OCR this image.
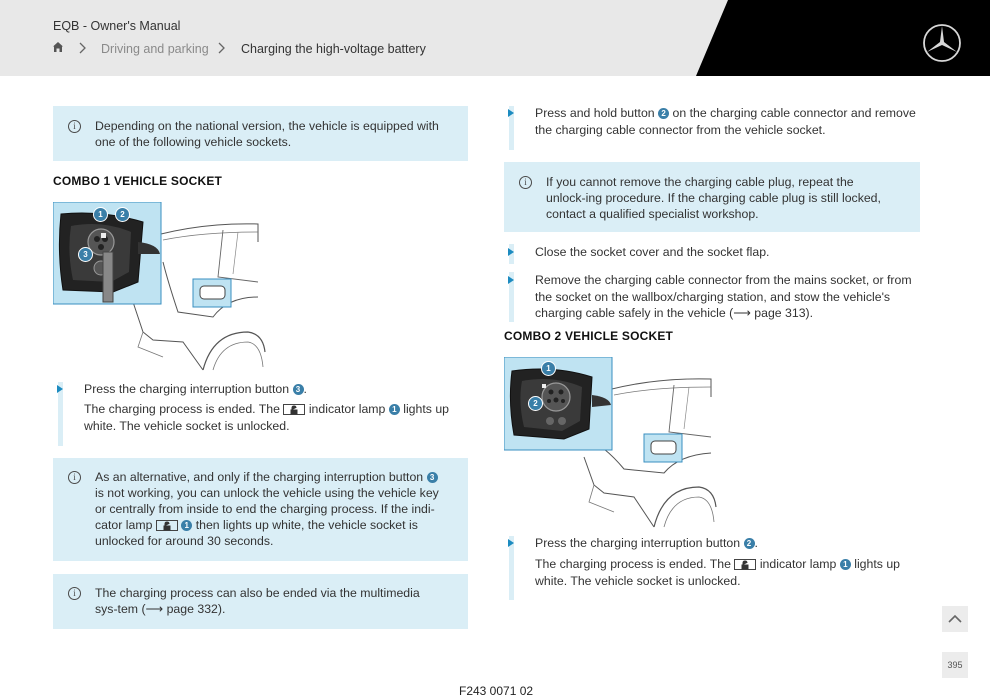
EQB - Owner's Manual
Driving and parking	Charging the high-voltage battery
i	Depending on the national version, the vehicle is equipped with one of the following vehicle sockets.
COMBO 1 VEHICLE SOCKET
1	2
3
Press the charging interruption button 3 .
The charging process is ended. The indicator lamp 1 lights up white. The vehicle socket is unlocked.
i	As an alternative, and only if the charging interruption button 3 is not working, you can unlock the vehicle using the vehicle key or centrally from inside to end the charging process. If the indi-cator lamp	1 then lights up white, the vehicle socket is unlocked for around 30 seconds.
i	The charging process can also be ended via the multimedia sys-tem (⟶ page 332).
Press and hold button 2 on the charging cable connector and remove the charging cable connector from the vehicle socket.
i	If you cannot remove the charging cable plug, repeat the unlock-ing procedure. If the charging cable plug is still locked, contact a qualified specialist workshop.
Close the socket cover and the socket flap.
Remove the charging cable connector from the mains socket, or from the socket on the wallbox/charging station, and stow the vehicle's charging cable safely in the vehicle (⟶ page 313).
COMBO 2 VEHICLE SOCKET
1
2
Press the charging interruption button 2 .
The charging process is ended. The indicator lamp 1 lights up white. The vehicle socket is unlocked.
395
F243 0071 02
